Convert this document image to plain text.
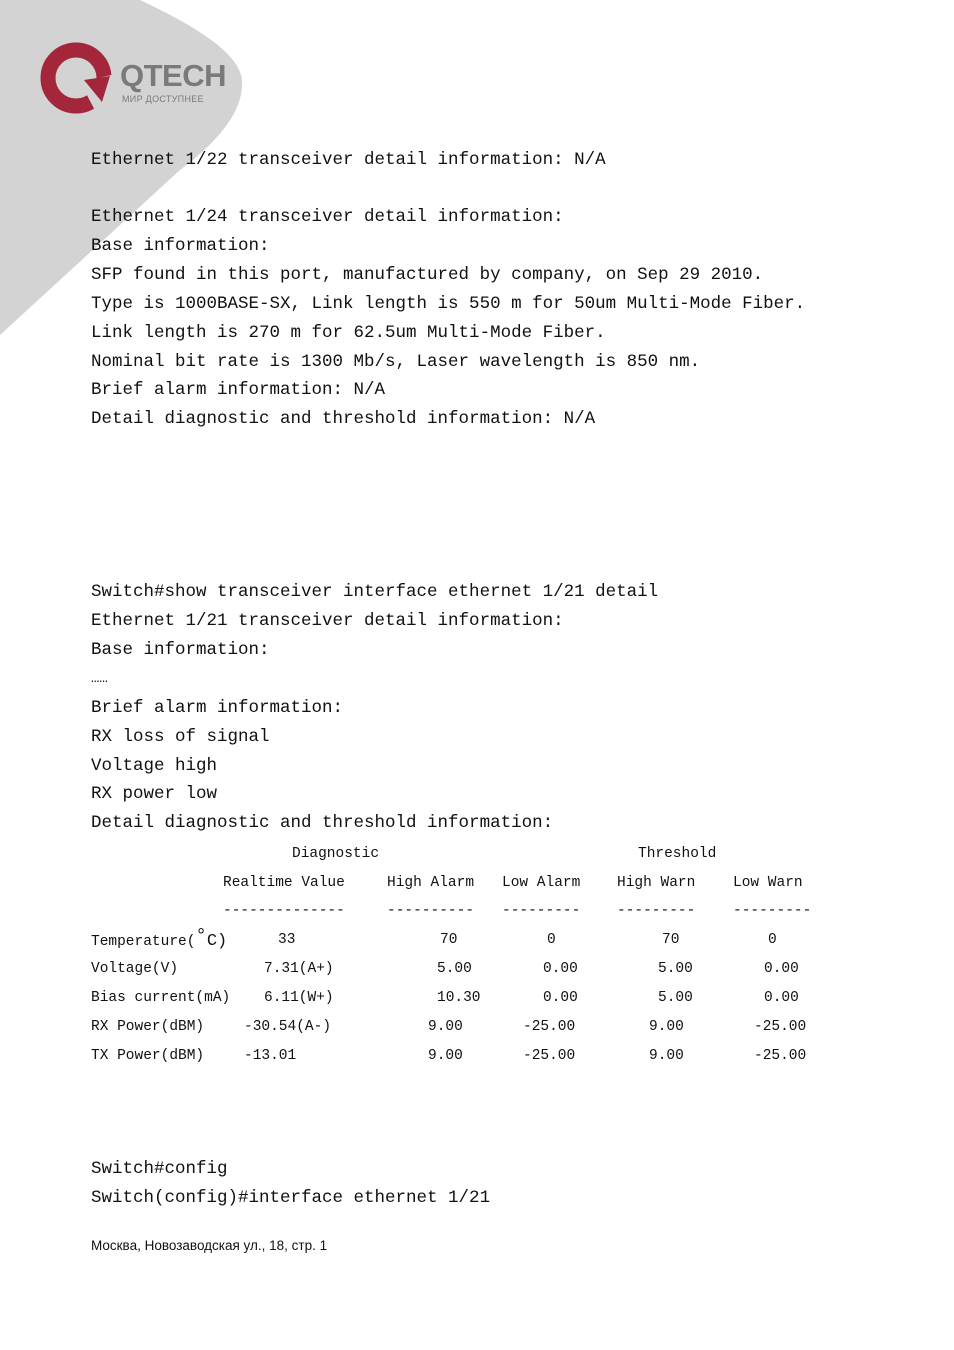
QTECH
МИР ДОСТУПНЕЕ
Ethernet 1/22 transceiver detail information: N/A
Ethernet 1/24 transceiver detail information:
Base information:
SFP found in this port, manufactured by company, on Sep 29 2010.
Type is 1000BASE-SX, Link length is 550 m for 50um Multi-Mode Fiber.
Link length is 270 m for 62.5um Multi-Mode Fiber.
Nominal bit rate is 1300 Mb/s, Laser wavelength is 850 nm.
Brief alarm information: N/A
Detail diagnostic and threshold information: N/A
Switch#show transceiver interface ethernet 1/21 detail
Ethernet 1/21 transceiver detail information:
Base information:
……
Brief alarm information:
RX loss of signal
Voltage high
RX power low
Detail diagnostic and threshold information:
Diagnostic	Threshold
Realtime Value	High Alarm Low Alarm	High Warn	Low Warn
--------------	---------- ---------	---------	---------
Temperature(°C)	33	70	0	70	0
Voltage(V)	7.31(A+)	5.00	0.00	5.00	0.00
Bias current(mA) 6.11(W+)	10.30	0.00	5.00	0.00
RX Power(dBM)	-30.54(A-)	9.00	-25.00	9.00	-25.00
TX Power(dBM)	-13.01	9.00	-25.00	9.00	-25.00
Switch#config
Switch(config)#interface ethernet 1/21
Москва, Новозаводская ул., 18, стр. 1
